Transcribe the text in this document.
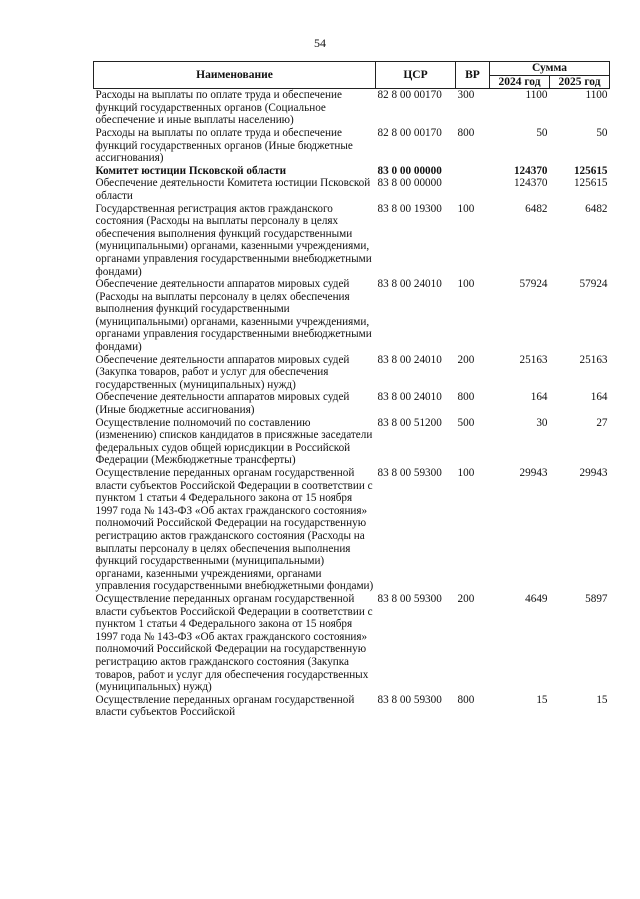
54
Наименование	ЦСР	ВР	Сумма	
			2024 год	2025 год
Расходы на выплаты по оплате труда и обеспечение функций государственных органов (Социальное обеспечение и иные выплаты населению)	82 8 00 00170	300	1100	1100
Расходы на выплаты по оплате труда и обеспечение функций государственных органов (Иные бюджетные ассигнования)	82 8 00 00170	800	50	50
Комитет юстиции Псковской области	83 0 00 00000		124370	125615
Обеспечение деятельности Комитета юстиции Псковской области	83 8 00 00000		124370	125615
Государственная регистрация актов гражданского состояния (Расходы на выплаты персоналу в целях обеспечения выполнения функций государственными (муниципальными) органами, казенными учреждениями, органами управления государственными внебюджетными фондами)	83 8 00 19300	100	6482	6482
Обеспечение деятельности аппаратов мировых судей (Расходы на выплаты персоналу в целях обеспечения выполнения функций государственными (муниципальными) органами, казенными учреждениями, органами управления государственными внебюджетными фондами)	83 8 00 24010	100	57924	57924
Обеспечение деятельности аппаратов мировых судей (Закупка товаров, работ и услуг для обеспечения государственных (муниципальных) нужд)	83 8 00 24010	200	25163	25163
Обеспечение деятельности аппаратов мировых судей (Иные бюджетные ассигнования)	83 8 00 24010	800	164	164
Осуществление полномочий по составлению (изменению) списков кандидатов в присяжные заседатели федеральных судов общей юрисдикции в Российской Федерации (Межбюджетные трансферты)	83 8 00 51200	500	30	27
Осуществление переданных органам государственной власти субъектов Российской Федерации в соответствии с пунктом 1 статьи 4 Федерального закона от 15 ноября 1997 года № 143-ФЗ «Об актах гражданского состояния» полномочий Российской Федерации на государственную регистрацию актов гражданского состояния (Расходы на выплаты персоналу в целях обеспечения выполнения функций государственными (муниципальными) органами, казенными учреждениями, органами управления государственными внебюджетными фондами)	83 8 00 59300	100	29943	29943
Осуществление переданных органам государственной власти субъектов Российской Федерации в соответствии с пунктом 1 статьи 4 Федерального закона от 15 ноября 1997 года № 143-ФЗ «Об актах гражданского состояния» полномочий Российской Федерации на государственную регистрацию актов гражданского состояния (Закупка товаров, работ и услуг для обеспечения государственных (муниципальных) нужд)	83 8 00 59300	200	4649	5897
Осуществление переданных органам государственной власти субъектов Российской	83 8 00 59300	800	15	15
